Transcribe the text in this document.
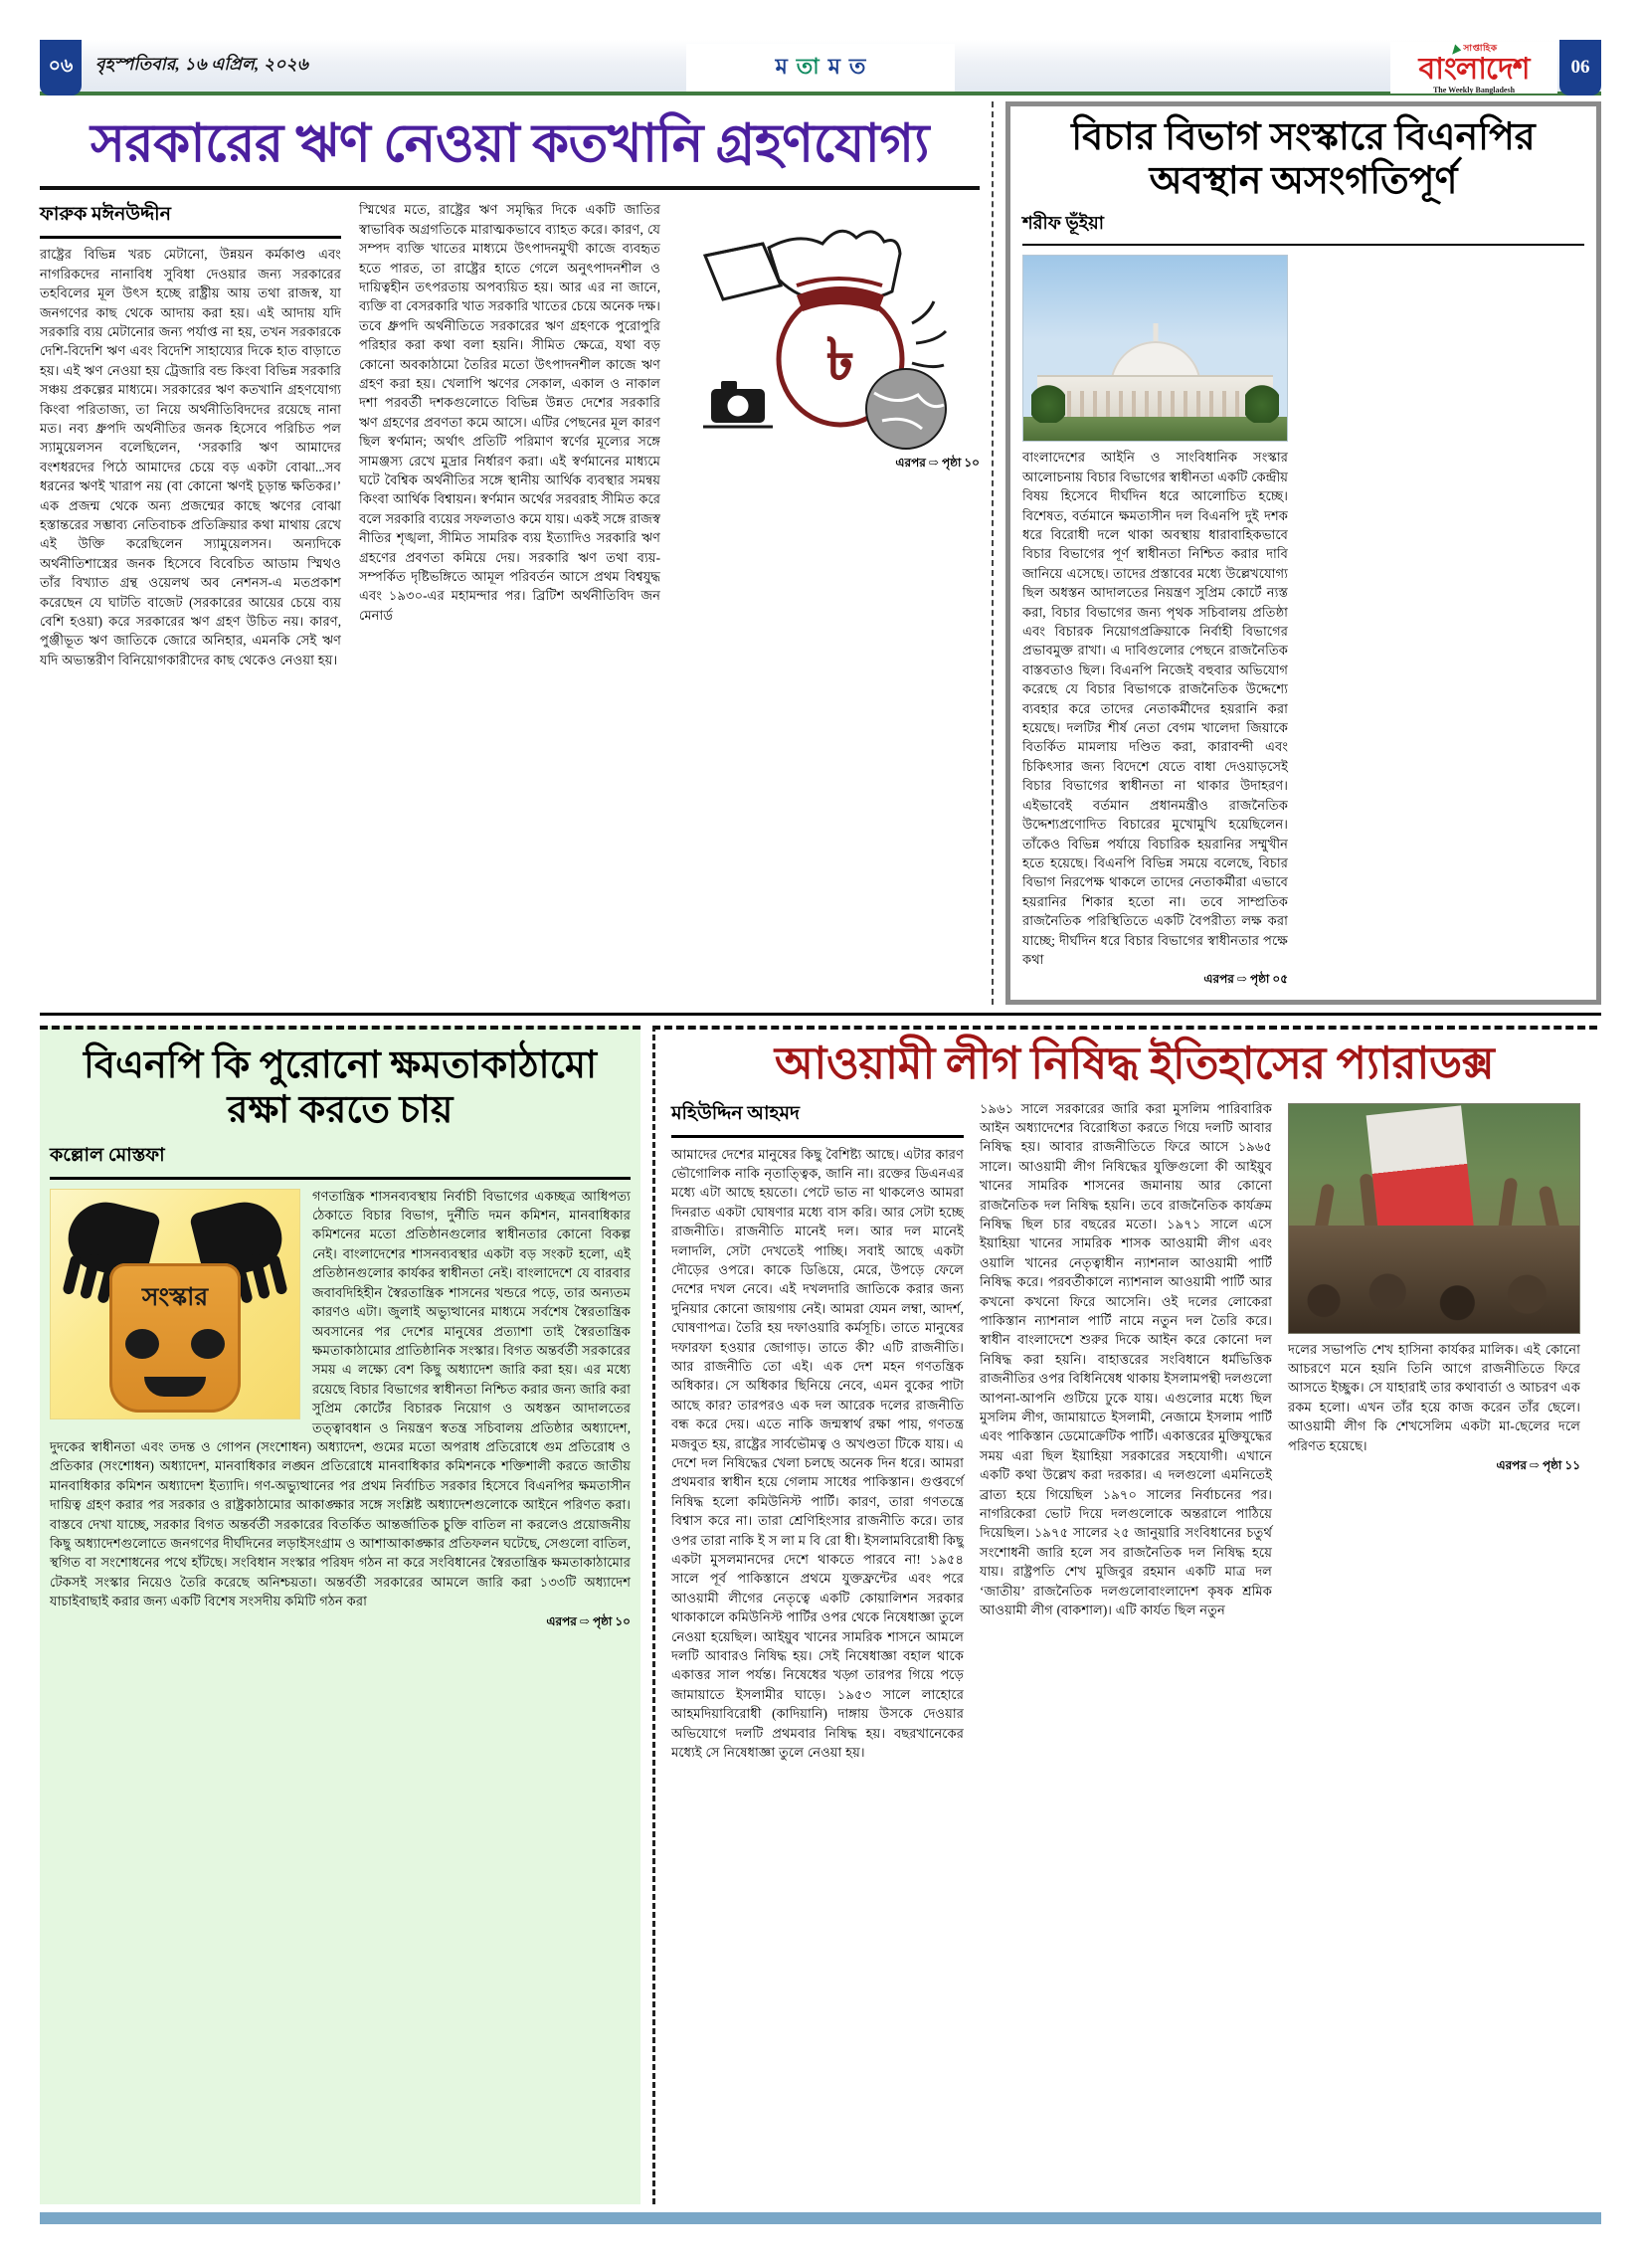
০৬	বৃহস্পতিবার, ১৬ এপ্রিল, ২০২৬	ম তা ম ত
সাপ্তাহিক
বাংলাদেশ
The Weekly Bangladesh
06
সরকারের ঋণ নেওয়া কতখানি গ্রহণযোগ্য
ফারুক মঈনউদ্দীন
রাষ্ট্রের বিভিন্ন খরচ মেটানো, উন্নয়ন কর্মকাণ্ড এবং নাগরিকদের নানাবিধ সুবিধা দেওয়ার জন্য সরকারের তহবিলের মূল উৎস হচ্ছে রাষ্ট্রীয় আয় তথা রাজস্ব, যা জনগণের কাছ থেকে আদায় করা হয়। এই আদায় যদি সরকারি ব্যয় মেটানোর জন্য পর্যাপ্ত না হয়, তখন সরকারকে দেশি-বিদেশি ঋণ এবং বিদেশি সাহায্যের দিকে হাত বাড়াতে হয়। এই ঋণ নেওয়া হয় ট্রেজারি বন্ড কিংবা বিভিন্ন সরকারি সঞ্চয় প্রকল্পের মাধ্যমে। সরকারের ঋণ কতখানি গ্রহণযোগ্য কিংবা পরিতাজ্য, তা নিয়ে অর্থনীতিবিদদের রয়েছে নানা মত। নব্য ধ্রুপদি অর্থনীতির জনক হিসেবে পরিচিত পল স্যামুয়েলসন বলেছিলেন, ‘সরকারি ঋণ আমাদের বংশধরদের পিঠে আমাদের চেয়ে বড় একটা বোঝা...সব ধরনের ঋণই খারাপ নয় (বা কোনো ঋণই চূড়ান্ত ক্ষতিকর।’ এক প্রজন্ম থেকে অন্য প্রজন্মের কাছে ঋণের বোঝা হস্তান্তরের সম্ভাব্য নেতিবাচক প্রতিক্রিয়ার কথা মাথায় রেখে এই উক্তি করেছিলেন স্যামুয়েলসন। অন্যদিকে অর্থনীতিশাস্ত্রের জনক হিসেবে বিবেচিত আডাম স্মিথও তাঁর বিখ্যাত গ্রন্থ ওয়েলথ অব নেশনস-এ মতপ্রকাশ করেছেন যে ঘাটতি বাজেট (সরকারের আয়ের চেয়ে ব্যয় বেশি হওয়া) করে সরকারের ঋণ গ্রহণ উচিত নয়। কারণ, পুঞ্জীভূত ঋণ জাতিকে জোরে অনিহার, এমনকি সেই ঋণ যদি অভ্যন্তরীণ বিনিয়োগকারীদের কাছ থেকেও নেওয়া হয়।
স্মিথের মতে, রাষ্ট্রের ঋণ সমৃদ্ধির দিকে একটি জাতির স্বাভাবিক অগ্রগতিকে মারাত্মকভাবে ব্যাহত করে। কারণ, যে সম্পদ ব্যক্তি খাতের মাধ্যমে উৎপাদনমুখী কাজে ব্যবহৃত হতে পারত, তা রাষ্ট্রের হাতে গেলে অনুৎপাদনশীল ও দায়িত্বহীন তৎপরতায় অপব্যয়িত হয়। আর এর না জানে, ব্যক্তি বা বেসরকারি খাত সরকারি খাতের চেয়ে অনেক দক্ষ। তবে ধ্রুপদি অর্থনীতিতে সরকারের ঋণ গ্রহণকে পুরোপুরি পরিহার করা কথা বলা হয়নি। সীমিত ক্ষেত্রে, যথা বড় কোনো অবকাঠামো তৈরির মতো উৎপাদনশীল কাজে ঋণ গ্রহণ করা হয়। খেলাপি ঋণের সেকাল, একাল ও নাকাল দশা পরবর্তী দশকগুলোতে বিভিন্ন উন্নত দেশের সরকারি ঋণ গ্রহণের প্রবণতা কমে আসে। এটির পেছনের মূল কারণ ছিল স্বর্ণমান; অর্থাৎ প্রতিটি পরিমাণ স্বর্ণের মূল্যের সঙ্গে সামঞ্জস্য রেখে মুদ্রার নির্ধারণ করা। এই স্বর্ণমানের মাধ্যমে ঘটে বৈশ্বিক অর্থনীতির সঙ্গে স্থানীয় আর্থিক ব্যবস্থার সমন্বয় কিংবা আর্থিক বিশ্বায়ন। স্বর্ণমান অর্থের সরবরাহ সীমিত করে বলে সরকারি ব্যয়ের সফলতাও কমে যায়। একই সঙ্গে রাজস্ব নীতির শৃঙ্খলা, সীমিত সামরিক ব্যয় ইত্যাদিও সরকারি ঋণ গ্রহণের প্রবণতা কমিয়ে দেয়। সরকারি ঋণ তথা ব্যয়-সম্পর্কিত দৃষ্টিভঙ্গিতে আমূল পরিবর্তন আসে প্রথম বিশ্বযুদ্ধ এবং ১৯৩০-এর মহামন্দার পর। ব্রিটিশ অর্থনীতিবিদ জন মেনার্ড
৳
এরপর ⇨ পৃষ্ঠা ১০
বিচার বিভাগ সংস্কারে বিএনপির অবস্থান অসংগতিপূর্ণ
শরীফ ভূঁইয়া
বাংলাদেশের আইনি ও সাংবিধানিক সংস্কার আলোচনায় বিচার বিভাগের স্বাধীনতা একটি কেন্দ্রীয় বিষয় হিসেবে দীর্ঘদিন ধরে আলোচিত হচ্ছে। বিশেষত, বর্তমানে ক্ষমতাসীন দল বিএনপি দুই দশক ধরে বিরোধী দলে থাকা অবস্থায় ধারাবাহিকভাবে বিচার বিভাগের পূর্ণ স্বাধীনতা নিশ্চিত করার দাবি জানিয়ে এসেছে। তাদের প্রস্তাবের মধ্যে উল্লেখযোগ্য ছিল অধস্তন আদালতের নিয়ন্ত্রণ সুপ্রিম কোর্টে ন্যস্ত করা, বিচার বিভাগের জন্য পৃথক সচিবালয় প্রতিষ্ঠা এবং বিচারক নিয়োগপ্রক্রিয়াকে নির্বাহী বিভাগের প্রভাবমুক্ত রাখা। এ দাবিগুলোর পেছনে রাজনৈতিক বাস্তবতাও ছিল। বিএনপি নিজেই বহুবার অভিযোগ করেছে যে বিচার বিভাগকে রাজনৈতিক উদ্দেশ্যে ব্যবহার করে তাদের নেতাকর্মীদের হয়রানি করা হয়েছে। দলটির শীর্ষ নেতা বেগম খালেদা জিয়াকে বিতর্কিত মামলায় দণ্ডিত করা, কারাবন্দী এবং চিকিৎসার জন্য বিদেশে যেতে বাধা দেওয়াড়সেই বিচার বিভাগের স্বাধীনতা না থাকার উদাহরণ। এইভাবেই বর্তমান প্রধানমন্ত্রীও রাজনৈতিক উদ্দেশ্যপ্রণোদিত বিচারের মুখোমুখি হয়েছিলেন। তাঁকেও বিভিন্ন পর্যায়ে বিচারিক হয়রানির সম্মুখীন হতে হয়েছে। বিএনপি বিভিন্ন সময়ে বলেছে, বিচার বিভাগ নিরপেক্ষ থাকলে তাদের নেতাকর্মীরা এভাবে হয়রানির শিকার হতো না। তবে সাম্প্রতিক রাজনৈতিক পরিস্থিতিতে একটি বৈপরীত্য লক্ষ করা যাচ্ছে; দীর্ঘদিন ধরে বিচার বিভাগের স্বাধীনতার পক্ষে কথা
এরপর ⇨ পৃষ্ঠা ০৫
বিএনপি কি পুরোনো ক্ষমতাকাঠামো রক্ষা করতে চায়
কল্লোল মোস্তফা
সংস্কার
গণতান্ত্রিক শাসনব্যবস্থায় নির্বাচী বিভাগের একচ্ছত্র আধিপত্য ঠেকাতে বিচার বিভাগ, দুর্নীতি দমন কমিশন, মানবাধিকার কমিশনের মতো প্রতিষ্ঠানগুলোর স্বাধীনতার কোনো বিকল্প নেই। বাংলাদেশের শাসনব্যবস্থার একটা বড় সংকট হলো, এই প্রতিষ্ঠানগুলোর কার্যকর স্বাধীনতা নেই। বাংলাদেশে যে বারবার জবাবদিহিহীন স্বৈরতান্ত্রিক শাসনের খন্ডরে পড়ে, তার অন্যতম কারণও এটা। জুলাই অভ্যুত্থানের মাধ্যমে সর্বশেষ স্বৈরতান্ত্রিক অবসানের পর দেশের মানুষের প্রত্যাশা তাই স্বৈরতান্ত্রিক ক্ষমতাকাঠামোর প্রাতিষ্ঠানিক সংস্কার। বিগত অন্তর্বর্তী সরকারের সময় এ লক্ষ্যে বেশ কিছু অধ্যাদেশ জারি করা হয়। এর মধ্যে রয়েছে বিচার বিভাগের স্বাধীনতা নিশ্চিত করার জন্য জারি করা সুপ্রিম কোর্টের বিচারক নিয়োগ ও অধস্তন আদালতের তত্ত্বাবধান ও নিয়ন্ত্রণ স্বতন্ত্র সচিবালয় প্রতিষ্ঠার অধ্যাদেশ, দুদকের স্বাধীনতা এবং তদন্ত ও গোপন (সংশোধন) অধ্যাদেশ, গুমের মতো অপরাধ প্রতিরোধে গুম প্রতিরোধ ও প্রতিকার (সংশোধন) অধ্যাদেশ, মানবাধিকার লঙ্ঘন প্রতিরোধে মানবাধিকার কমিশনকে শক্তিশালী করতে জাতীয় মানবাধিকার কমিশন অধ্যাদেশ ইত্যাদি। গণ-অভ্যুত্থানের পর প্রথম নির্বাচিত সরকার হিসেবে বিএনপির ক্ষমতাসীন দায়িত্ব গ্রহণ করার পর সরকার ও রাষ্ট্রকাঠামোর আকাঙ্ক্ষার সঙ্গে সংশ্লিষ্ট অধ্যাদেশগুলোকে আইনে পরিণত করা। বাস্তবে দেখা যাচ্ছে, সরকার বিগত অন্তর্বর্তী সরকারের বিতর্কিত আন্তর্জাতিক চুক্তি বাতিল না করলেও প্রয়োজনীয় কিছু অধ্যাদেশগুলোতে জনগণের দীর্ঘদিনের লড়াইসংগ্রাম ও আশাআকাঙ্ক্ষার প্রতিফলন ঘটেছে, সেগুলো বাতিল, স্থগিত বা সংশোধনের পথে হাঁটছে। সংবিধান সংস্কার পরিষদ গঠন না করে সংবিধানের স্বৈরতান্ত্রিক ক্ষমতাকাঠামোর টেকসই সংস্কার নিয়েও তৈরি করেছে অনিশ্চয়তা। অন্তর্বর্তী সরকারের আমলে জারি করা ১৩৩টি অধ্যাদেশ যাচাইবাছাই করার জন্য একটি বিশেষ সংসদীয় কমিটি গঠন করা
এরপর ⇨ পৃষ্ঠা ১০
আওয়ামী লীগ নিষিদ্ধ ইতিহাসের প্যারাডক্স
মহিউদ্দিন আহমদ
আমাদের দেশের মানুষের কিছু বৈশিষ্ট্য আছে। এটার কারণ ভৌগোলিক নাকি নৃতাত্ত্বিক, জানি না। রক্তের ডিএনএর মধ্যে এটা আছে হয়তো। পেটে ভাত না থাকলেও আমরা দিনরাত একটা ঘোষণার মধ্যে বাস করি। আর সেটা হচ্ছে রাজনীতি। রাজনীতি মানেই দল। আর দল মানেই দলাদলি, সেটা দেখতেই পাচ্ছি। সবাই আছে একটা দৌড়ের ওপরে। কাকে ডিঙিয়ে, মেরে, উপড়ে ফেলে দেশের দখল নেবে। এই দখলদারি জাতিকে করার জন্য দুনিয়ার কোনো জায়গায় নেই। আমরা যেমন লম্বা, আদর্শ, ঘোষণাপত্র। তৈরি হয় দফাওয়ারি কর্মসূচি। তাতে মানুষের দফারফা হওয়ার জোগাড়। তাতে কী? এটি রাজনীতি। আর রাজনীতি তো এই। এক দেশ মহন গণতন্ত্রিক অধিকার। সে অধিকার ছিনিয়ে নেবে, এমন বুকের পাটা আছে কার? তারপরও এক দল আরেক দলের রাজনীতি বন্ধ করে দেয়। এতে নাকি জন্মস্বার্থ রক্ষা পায়, গণতন্ত্র মজবুত হয়, রাষ্ট্রের সার্বভৌমত্ব ও অখণ্ডতা টিকে যায়। এ দেশে দল নিষিদ্ধের খেলা চলছে অনেক দিন ধরে। আমরা প্রথমবার স্বাধীন হয়ে গেলাম সাধের পাকিস্তান। গুপ্তবর্গে নিষিদ্ধ হলো কমিউনিস্ট পার্টি। কারণ, তারা গণতন্ত্রে বিশ্বাস করে না। তারা শ্রেণিহিংসার রাজনীতি করে। তার ওপর তারা নাকি ই স লা ম বি রো ধী। ইসলামবিরোধী কিছু একটা মুসলমানদের দেশে থাকতে পারবে না! ১৯৫৪ সালে পূর্ব পাকিস্তানে প্রথমে যুক্তফ্রন্টের এবং পরে আওয়ামী লীগের নেতৃত্বে একটি কোয়ালিশন সরকার থাকাকালে কমিউনিস্ট পার্টির ওপর থেকে নিষেধাজ্ঞা তুলে নেওয়া হয়েছিল। আইয়ুব খানের সামরিক শাসনে আমলে দলটি আবারও নিষিদ্ধ হয়। সেই নিষেধাজ্ঞা বহাল থাকে একাত্তর সাল পর্যন্ত। নিষেধের খড়্গ তারপর গিয়ে পড়ে জামায়াতে ইসলামীর ঘাড়ে। ১৯৫৩ সালে লাহোরে আহমদিয়াবিরোধী (কাদিয়ানি) দাঙ্গায় উসকে দেওয়ার অভিযোগে দলটি প্রথমবার নিষিদ্ধ হয়। বছরখানেকের মধ্যেই সে নিষেধাজ্ঞা তুলে নেওয়া হয়।
১৯৬১ সালে সরকারের জারি করা মুসলিম পারিবারিক আইন অধ্যাদেশের বিরোধিতা করতে গিয়ে দলটি আবার নিষিদ্ধ হয়। আবার রাজনীতিতে ফিরে আসে ১৯৬৫ সালে। আওয়ামী লীগ নিষিদ্ধের যুক্তিগুলো কী আইয়ুব খানের সামরিক শাসনের জমানায় আর কোনো রাজনৈতিক দল নিষিদ্ধ হয়নি। তবে রাজনৈতিক কার্যক্রম নিষিদ্ধ ছিল চার বছরের মতো। ১৯৭১ সালে এসে ইয়াহিয়া খানের সামরিক শাসক আওয়ামী লীগ এবং ওয়ালি খানের নেতৃত্বাধীন ন্যাশনাল আওয়ামী পার্টি নিষিদ্ধ করে। পরবর্তীকালে ন্যাশনাল আওয়ামী পার্টি আর কখনো কখনো ফিরে আসেনি। ওই দলের লোকেরা পাকিস্তান ন্যাশনাল পার্টি নামে নতুন দল তৈরি করে। স্বাধীন বাংলাদেশে শুরুর দিকে আইন করে কোনো দল নিষিদ্ধ করা হয়নি। বাহাত্তরের সংবিধানে ধর্মভিত্তিক রাজনীতির ওপর বিধিনিষেধ থাকায় ইসলামপন্থী দলগুলো আপনা-আপনি গুটিয়ে ঢুকে যায়। এগুলোর মধ্যে ছিল মুসলিম লীগ, জামায়াতে ইসলামী, নেজামে ইসলাম পার্টি এবং পাকিস্তান ডেমোক্রেটিক পার্টি। একাত্তরের মুক্তিযুদ্ধের সময় এরা ছিল ইয়াহিয়া সরকারের সহযোগী। এখানে একটি কথা উল্লেখ করা দরকার। এ দলগুলো এমনিতেই ব্রাত্য হয়ে গিয়েছিল ১৯৭০ সালের নির্বাচনের পর। নাগরিকেরা ভোট দিয়ে দলগুলোকে অন্তরালে পাঠিয়ে দিয়েছিল। ১৯৭৫ সালের ২৫ জানুয়ারি সংবিধানের চতুর্থ সংশোধনী জারি হলে সব রাজনৈতিক দল নিষিদ্ধ হয়ে যায়। রাষ্ট্রপতি শেখ মুজিবুর রহমান একটি মাত্র দল ‘জাতীয়’ রাজনৈতিক দলগুলোবাংলাদেশ কৃষক শ্রমিক আওয়ামী লীগ (বাকশাল)। এটি কার্যত ছিল নতুন
দলের সভাপতি শেখ হাসিনা কার্যকর মালিক। এই কোনো আচরণে মনে হয়নি তিনি আগে রাজনীতিতে ফিরে আসতে ইচ্ছুক। সে যাহারাই তার কথাবার্তা ও আচরণ এক রকম হলো। এখন তাঁর হয়ে কাজ করেন তাঁর ছেলে। আওয়ামী লীগ কি শেখসেলিম একটা মা-ছেলের দলে পরিণত হয়েছে।
এরপর ⇨ পৃষ্ঠা ১১
